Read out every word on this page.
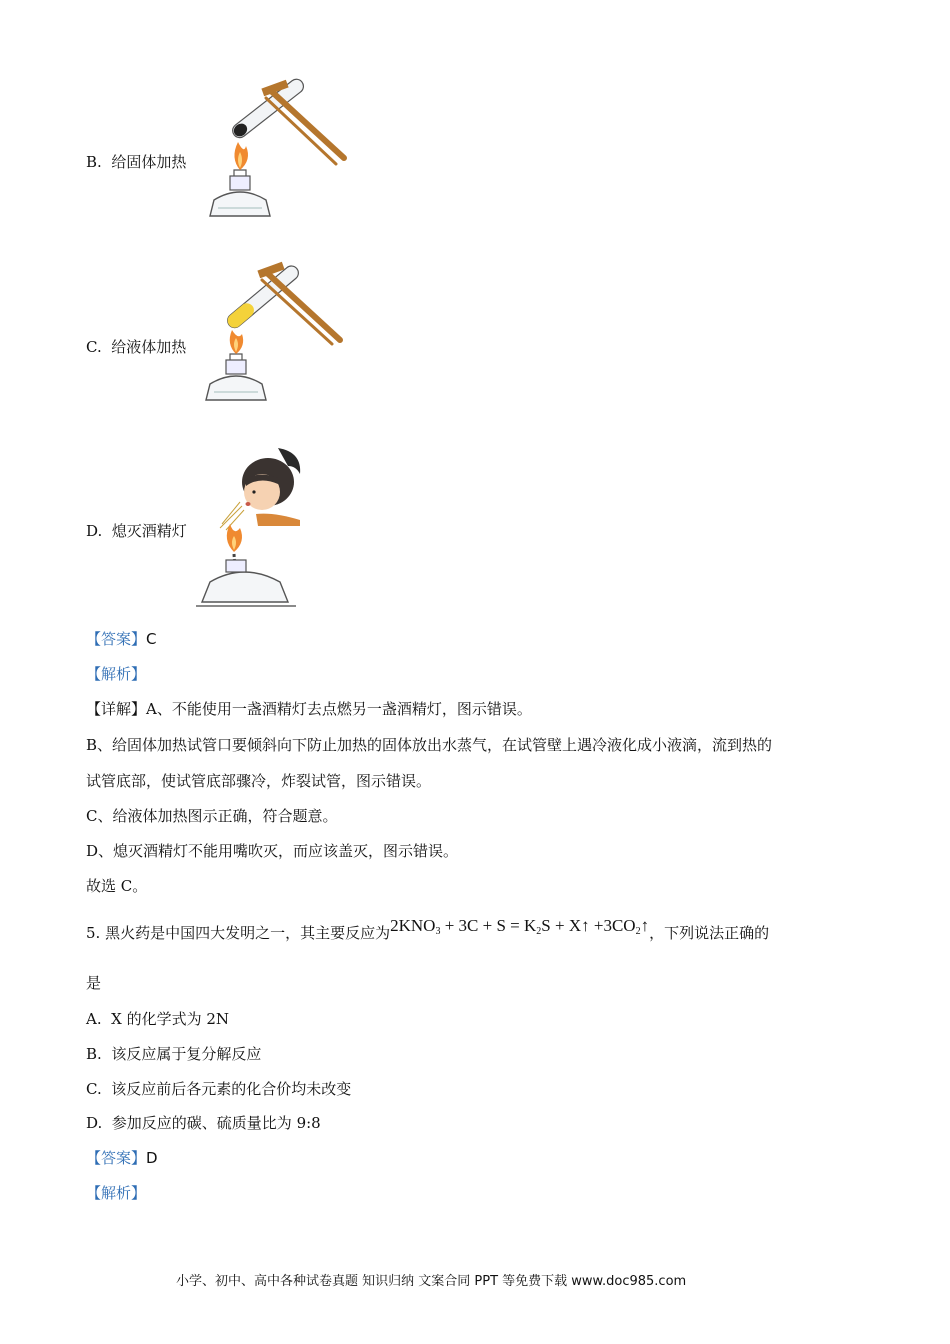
B.  给固体加热
C.  给液体加热
D.  熄灭酒精灯
【答案】C
【解析】
【详解】A、不能使用一盏酒精灯去点燃另一盏酒精灯，图示错误。
B、给固体加热试管口要倾斜向下防止加热的固体放出水蒸气，在试管壁上遇冷液化成小液滴，流到热的
试管底部，使试管底部骤冷，炸裂试管，图示错误。
C、给液体加热图示正确，符合题意。
D、熄灭酒精灯不能用嘴吹灭，而应该盖灭，图示错误。
故选 C。
5. 黑火药是中国四大发明之一，其主要反应为$2KNO_3 + 3C + S = K_2S$ + X↑ $+3CO_2↑$，下列说法正确的
是
A.  X 的化学式为 2N
B.  该反应属于复分解反应
C.  该反应前后各元素的化合价均未改变
D.  参加反应的碳、硫质量比为 9:8
【答案】D
【解析】
小学、初中、高中各种试卷真题 知识归纳 文案合同 PPT 等免费下载 www.doc985.com
